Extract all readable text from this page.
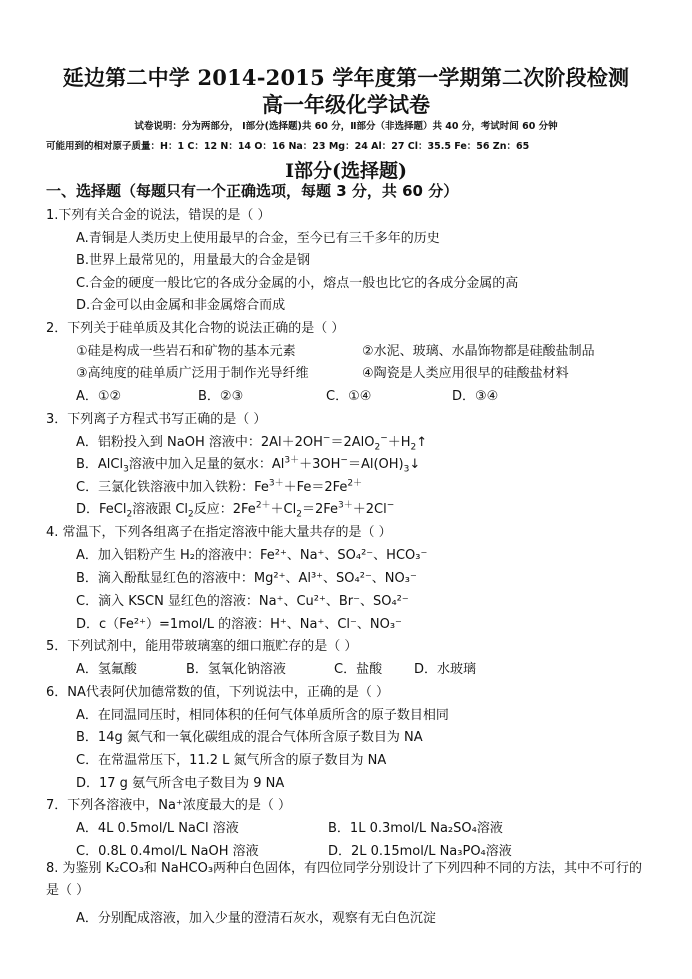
延边第二中学 2014-2015 学年度第一学期第二次阶段检测
高一年级化学试卷
试卷说明：分为两部分， Ⅰ部分(选择题)共 60 分，Ⅱ部分（非选择题）共 40 分，考试时间 60 分钟
可能用到的相对原子质量：H：1 C：12 N：14 O：16 Na：23 Mg：24 Al：27 Cl：35.5 Fe：56 Zn：65
Ⅰ部分(选择题)
一、选择题（每题只有一个正确选项，每题 3 分，共 60 分）
1.下列有关合金的说法，错误的是（ ）
A.青铜是人类历史上使用最早的合金，至今已有三千多年的历史
B.世界上最常见的，用量最大的合金是钢
C.合金的硬度一般比它的各成分金属的小，熔点一般也比它的各成分金属的高
D.合金可以由金属和非金属熔合而成
2．下列关于硅单质及其化合物的说法正确的是（ ）
①硅是构成一些岩石和矿物的基本元素	②水泥、玻璃、水晶饰物都是硅酸盐制品
③高纯度的硅单质广泛用于制作光导纤维	④陶瓷是人类应用很早的硅酸盐材料
A．①②	B．②③	C．①④	D．③④
3．下列离子方程式书写正确的是（ ）
A．铝粉投入到 NaOH 溶液中：$2Al+2OH^-=2AlO_2^-+H_2↑$
B．AlCl$_3$溶液中加入足量的氨水：$Al^{3+}+3OH^-=Al(OH)_3↓$
C．三氯化铁溶液中加入铁粉：$Fe^{3+}+Fe=2Fe^{2+}$
D．FeCl$_2$溶液跟 $Cl_2$反应：$2Fe^{2+}+Cl_2=2Fe^{3+}+2Cl^-$
4. 常温下，下列各组离子在指定溶液中能大量共存的是（ ）
A．加入铝粉产生 H₂的溶液中：Fe²⁺、Na⁺、SO₄²⁻、HCO₃⁻
B．滴入酚酞显红色的溶液中：Mg²⁺、Al³⁺、SO₄²⁻、NO₃⁻
C．滴入 KSCN 显红色的溶液：Na⁺、Cu²⁺、Br⁻、SO₄²⁻
D．c（Fe²⁺）=1mol/L 的溶液：H⁺、Na⁺、Cl⁻、NO₃⁻
5．下列试剂中，能用带玻璃塞的细口瓶贮存的是（ ）
A．氢氟酸	B．氢氧化钠溶液	C．盐酸 D．水玻璃
6．NA代表阿伏加德常数的值，下列说法中，正确的是（ ）
A．在同温同压时，相同体积的任何气体单质所含的原子数目相同
B．14g 氮气和一氧化碳组成的混合气体所含原子数目为 NA
C．在常温常压下，11.2 L 氮气所含的原子数目为 NA
D．17 g 氨气所含电子数目为 9 NA
7．下列各溶液中，Na⁺浓度最大的是（ ）
A．4L 0.5mol/L NaCl 溶液	B．1L 0.3mol/L Na₂SO₄溶液
C．0.8L 0.4mol/L NaOH 溶液	D．2L 0.15mol/L Na₃PO₄溶液
8. 为鉴别 K₂CO₃和 NaHCO₃两种白色固体，有四位同学分别设计了下列四种不同的方法，其中不可行的是（ ）
A．分别配成溶液，加入少量的澄清石灰水，观察有无白色沉淀
